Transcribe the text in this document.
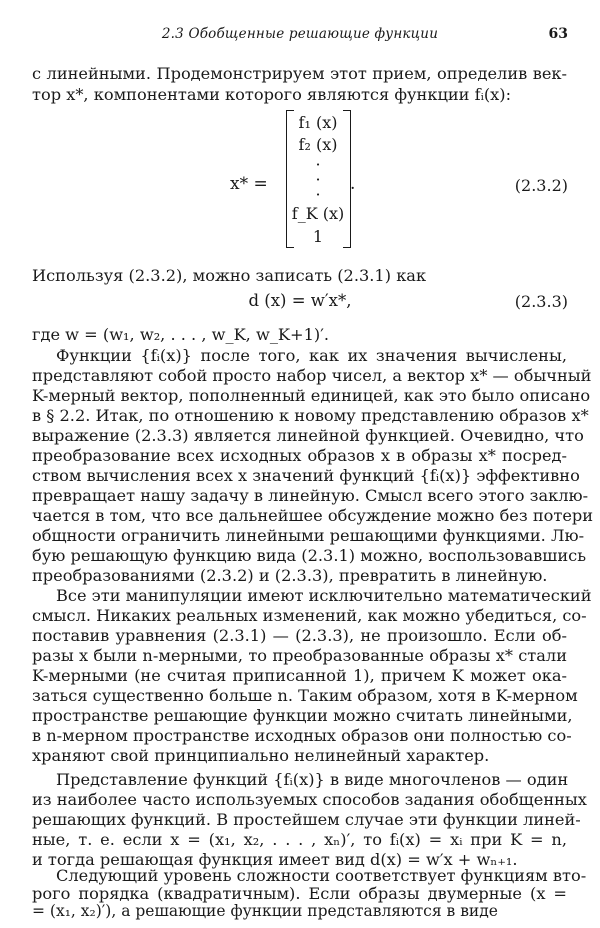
2.3 Обобщенные решающие функции	63
с линейными. Продемонстрируем этот прием, определив век-
тор x*, компонентами которого являются функции fᵢ(x):
x* =
f₁ (x)
f₂ (x)
·
·
·
f_K (x)
1
.	(2.3.2)
Используя (2.3.2), можно записать (2.3.1) как
d (x) = w′x*,	(2.3.3)
где w = (w₁, w₂, . . . , w_K, w_K+1)′.
Функции {fᵢ(x)} после того, как их значения вычислены,
представляют собой просто набор чисел, а вектор x* — обычный
K-мерный вектор, пополненный единицей, как это было описано
в § 2.2. Итак, по отношению к новому представлению образов x*
выражение (2.3.3) является линейной функцией. Очевидно, что
преобразование всех исходных образов x в образы x* посред-
ством вычисления всех x значений функций {fᵢ(x)} эффективно
превращает нашу задачу в линейную. Смысл всего этого заклю-
чается в том, что все дальнейшее обсуждение можно без потери
общности ограничить линейными решающими функциями. Лю-
бую решающую функцию вида (2.3.1) можно, воспользовавшись
преобразованиями (2.3.2) и (2.3.3), превратить в линейную.
Все эти манипуляции имеют исключительно математический
смысл. Никаких реальных изменений, как можно убедиться, со-
поставив уравнения (2.3.1) — (2.3.3), не произошло. Если об-
разы x были n-мерными, то преобразованные образы x* стали
K-мерными (не считая приписанной 1), причем K может ока-
заться существенно больше n. Таким образом, хотя в K-мерном
пространстве решающие функции можно считать линейными,
в n-мерном пространстве исходных образов они полностью со-
храняют свой принципиально нелинейный характер.
Представление функций {fᵢ(x)} в виде многочленов — один
из наиболее часто используемых способов задания обобщенных
решающих функций. В простейшем случае эти функции линей-
ные, т. е. если x = (x₁, x₂, . . . , xₙ)′, то fᵢ(x) = xᵢ при K = n,
и тогда решающая функция имеет вид d(x) = w′x + wₙ₊₁.
Следующий уровень сложности соответствует функциям вто-
рого порядка (квадратичным). Если образы двумерные (x =
= (x₁, x₂)′), а решающие функции представляются в виде
